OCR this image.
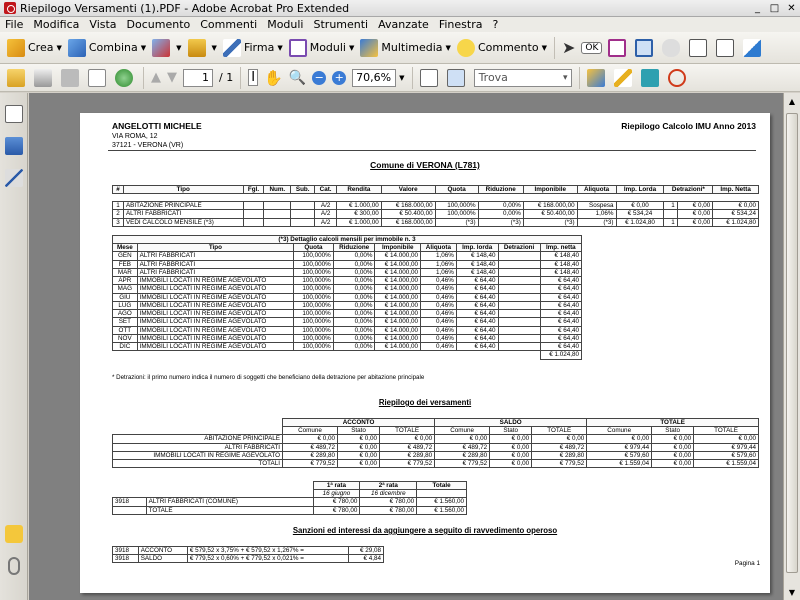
Riepilogo Versamenti (1).PDF - Adobe Acrobat Pro Extended	_ □ ✕
File Modifica Vista Documento Commenti Moduli Strumenti Avanzate Finestra ?
Crea ▼ Combina ▼	▼	▼ Firma ▼ Moduli ▼ Multimedia ▼ Commento ▼ ➤	OK
▲ ▼	1 / 1 I ✋ 🔍 − +	70,6%	▼	Trova ▾
ANGELOTTI MICHELE	Riepilogo Calcolo IMU Anno 2013
VIA ROMA, 12
37121 - VERONA (VR)
Comune di VERONA (L781)
#	Tipo	Fgl.	Num.	Sub.	Cat.	Rendita	Valore	Quota	Riduzione	Imponibile	Aliquota	Imp. Lorda	Detrazioni*		Imp. Netta

1	ABITAZIONE PRINCIPALE				A/2	€ 1.000,00	€ 168.000,00	100,000%	0,00%	€ 168.000,00	Sospesa	€ 0,00	1	€ 0,00	€ 0,00
2	ALTRI FABBRICATI				A/2	€ 300,00	€ 50.400,00	100,000%	0,00%	€ 50.400,00	1,06%	€ 534,24		€ 0,00	€ 534,24
3	VEDI CALCOLO MENSILE (*3)				A/2	€ 1.000,00	€ 168.000,00	(*3)	(*3)	(*3)	(*3)	€ 1.024,80	1	€ 0,00	€ 1.024,80
(*3) Dettaglio calcoli mensili per immobile n. 3								
Mese	Tipo	Quota	Riduzione	Imponibile	Aliquota	Imp. lorda	Detrazioni	Imp. netta
GEN	ALTRI FABBRICATI	100,000%	0,00%	€ 14.000,00	1,06%	€ 148,40		€ 148,40
FEB	ALTRI FABBRICATI	100,000%	0,00%	€ 14.000,00	1,06%	€ 148,40		€ 148,40
MAR	ALTRI FABBRICATI	100,000%	0,00%	€ 14.000,00	1,06%	€ 148,40		€ 148,40
APR	IMMOBILI LOCATI IN REGIME AGEVOLATO	100,000%	0,00%	€ 14.000,00	0,46%	€ 64,40		€ 64,40
MAG	IMMOBILI LOCATI IN REGIME AGEVOLATO	100,000%	0,00%	€ 14.000,00	0,46%	€ 64,40		€ 64,40
GIU	IMMOBILI LOCATI IN REGIME AGEVOLATO	100,000%	0,00%	€ 14.000,00	0,46%	€ 64,40		€ 64,40
LUG	IMMOBILI LOCATI IN REGIME AGEVOLATO	100,000%	0,00%	€ 14.000,00	0,46%	€ 64,40		€ 64,40
AGO	IMMOBILI LOCATI IN REGIME AGEVOLATO	100,000%	0,00%	€ 14.000,00	0,46%	€ 64,40		€ 64,40
SET	IMMOBILI LOCATI IN REGIME AGEVOLATO	100,000%	0,00%	€ 14.000,00	0,46%	€ 64,40		€ 64,40
OTT	IMMOBILI LOCATI IN REGIME AGEVOLATO	100,000%	0,00%	€ 14.000,00	0,46%	€ 64,40		€ 64,40
NOV	IMMOBILI LOCATI IN REGIME AGEVOLATO	100,000%	0,00%	€ 14.000,00	0,46%	€ 64,40		€ 64,40
DIC	IMMOBILI LOCATI IN REGIME AGEVOLATO	100,000%	0,00%	€ 14.000,00	0,46%	€ 64,40		€ 64,40
								€ 1.024,80
* Detrazioni: il primo numero indica il numero di soggetti che beneficiano della detrazione per abitazione principale
Riepilogo dei versamenti
	ACCONTO			SALDO			TOTALE		
	Comune	Stato	TOTALE	Comune	Stato	TOTALE	Comune	Stato	TOTALE
ABITAZIONE PRINCIPALE	€ 0,00	€ 0,00	€ 0,00	€ 0,00	€ 0,00	€ 0,00	€ 0,00	€ 0,00	€ 0,00
ALTRI FABBRICATI	€ 489,72	€ 0,00	€ 489,72	€ 489,72	€ 0,00	€ 489,72	€ 979,44	€ 0,00	€ 979,44
IMMOBILI LOCATI IN REGIME AGEVOLATO	€ 289,80	€ 0,00	€ 289,80	€ 289,80	€ 0,00	€ 289,80	€ 579,60	€ 0,00	€ 579,60
TOTALI	€ 779,52	€ 0,00	€ 779,52	€ 779,52	€ 0,00	€ 779,52	€ 1.559,04	€ 0,00	€ 1.559,04
		1ª rata	2ª rata	Totale
		16 giugno	16 dicembre	
3918	ALTRI FABBRICATI (COMUNE)	€ 780,00	€ 780,00	€ 1.560,00
	TOTALE	€ 780,00	€ 780,00	€ 1.560,00
Sanzioni ed interessi da aggiungere a seguito di ravvedimento operoso
3918	ACCONTO	€ 579,52 x 3,75% + € 579,52 x 1,267% =	€ 29,08
3918	SALDO	€ 779,52 x 0,60% + € 779,52 x 0,021% =	€ 4,84
Pagina 1
▲
▼
